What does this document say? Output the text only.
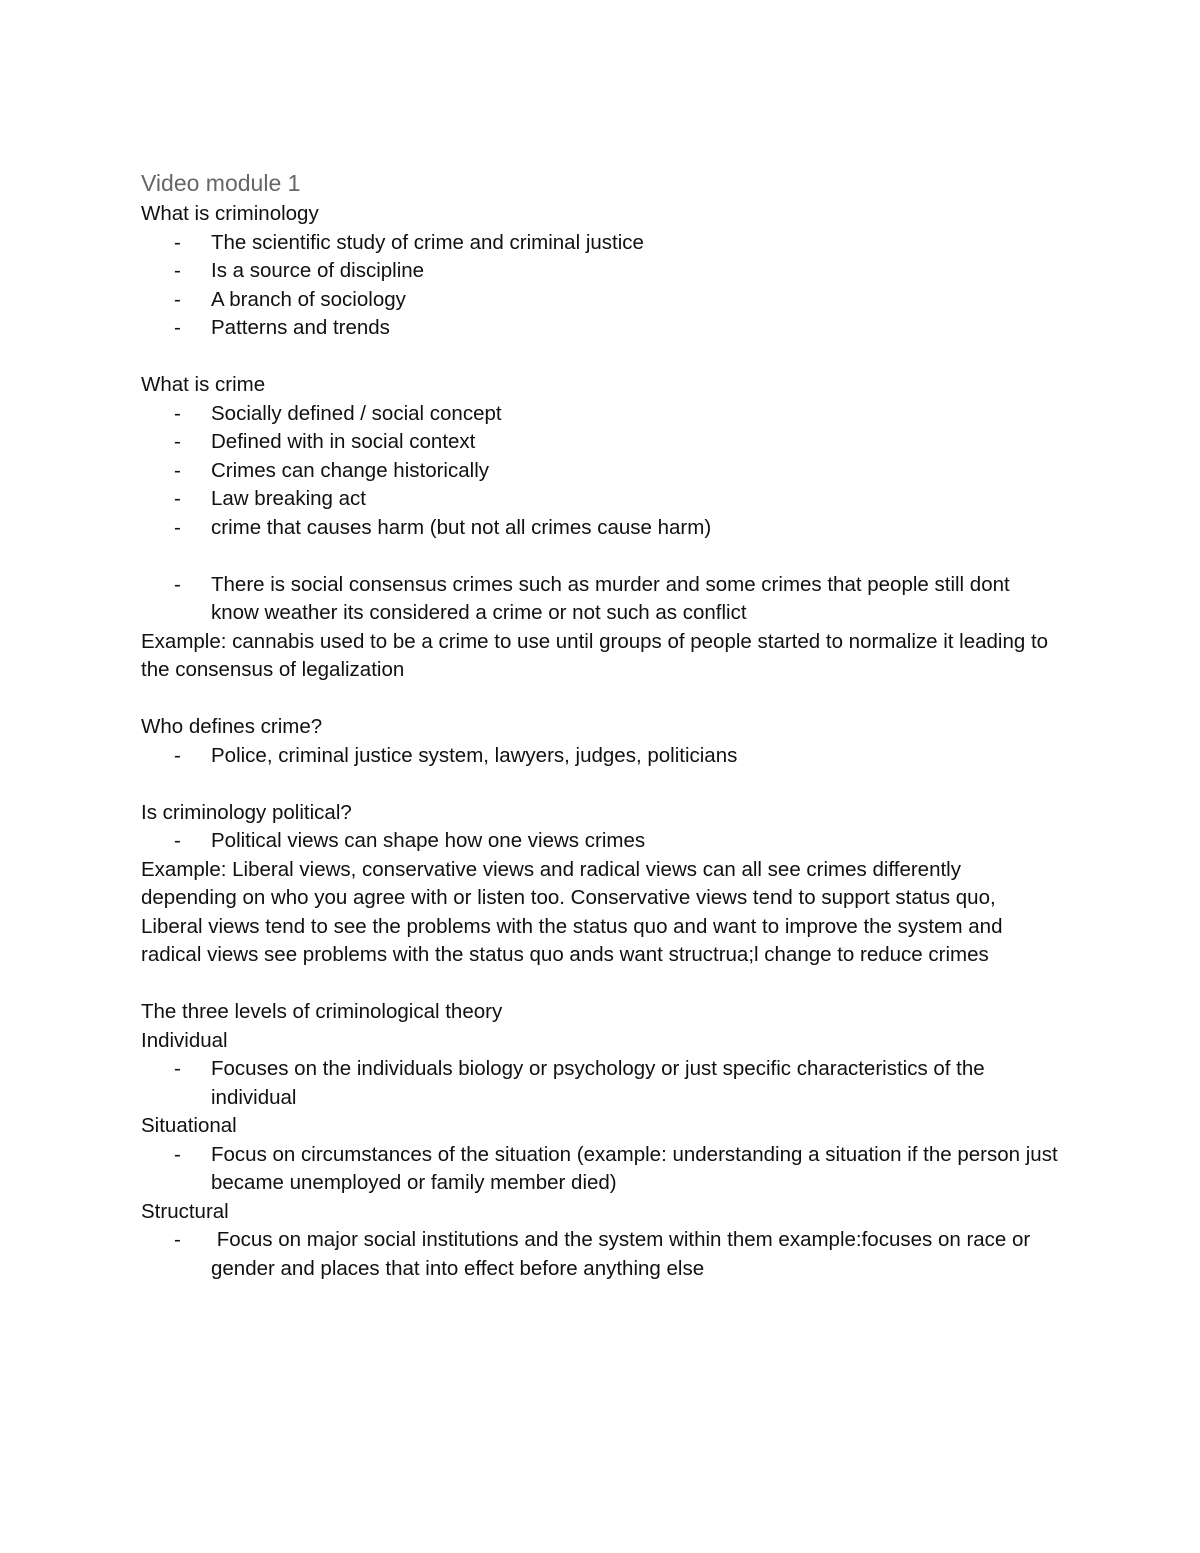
Video module 1
What is criminology
- The scientific study of crime and criminal justice
- Is a source of discipline
- A branch of sociology
- Patterns and trends
What is crime
- Socially defined / social concept
- Defined with in social context
- Crimes can change historically
- Law breaking act
- crime that causes harm (but not all crimes cause harm)
- There is social consensus crimes such as murder and some crimes that people still dont know weather its considered a crime or not such as conflict
Example: cannabis used to be a crime to use until groups of people started to normalize it leading to the consensus of legalization
Who defines crime?
- Police, criminal justice system, lawyers, judges, politicians
Is criminology political?
- Political views can shape how one views crimes
Example: Liberal views, conservative views and radical views can all see crimes differently depending on who you agree with or listen too. Conservative views tend to support status quo, Liberal views tend to see the problems with the status quo and want to improve the system and radical views see problems with the status quo ands want structrua;l change to reduce crimes
The three levels of criminological theory
Individual
- Focuses on the individuals biology or psychology or just specific characteristics of the individual
Situational
- Focus on circumstances of the situation (example: understanding a situation if the person just became unemployed or family member died)
Structural
- Focus on major social institutions and the system within them example:focuses on race or gender and places that into effect before anything else
